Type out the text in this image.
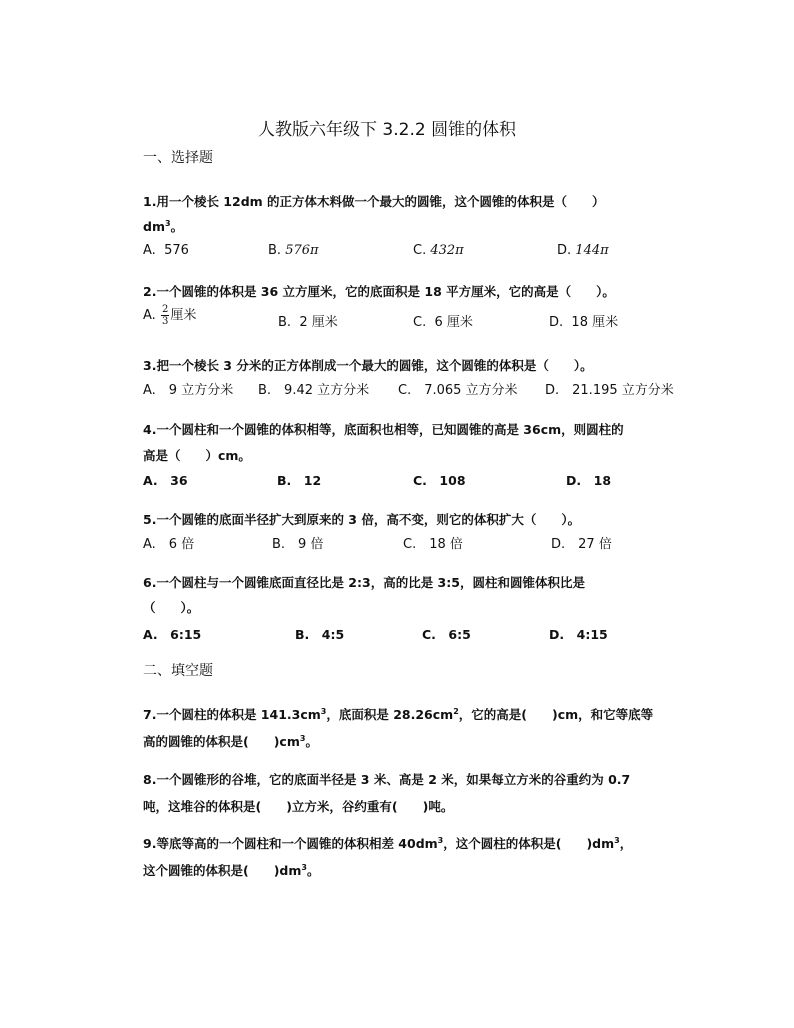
人教版六年级下 3.2.2 圆锥的体积
一、选择题
1.用一个棱长 12dm 的正方体木料做一个最大的圆锥，这个圆锥的体积是（　　）
$dm^3$。
A. 576	B. 576π	C. 432π	D. 144π
2.一个圆锥的体积是 36 立方厘米，它的底面积是 18 平方厘米，它的高是（　　）。
A. $\frac{2}{3}$ 厘米	B. 2 厘米	C. 6 厘米	D. 18 厘米
3.把一个棱长 3 分米的正方体削成一个最大的圆锥，这个圆锥的体积是（　　）。
A.　9 立方分米 B.　9.42 立方分米 C.　7.065 立方分米 D.　21.195 立方分米
4.一个圆柱和一个圆锥的体积相等，底面积也相等，已知圆锥的高是 36cm，则圆柱的
高是（　　）cm。
A.　36	B.　12	C.　108	D.　18
5.一个圆锥的底面半径扩大到原来的 3 倍，高不变，则它的体积扩大（　　）。
A.　6 倍	B.　9 倍	C.　18 倍	D.　27 倍
6.一个圆柱与一个圆锥底面直径比是 2:3，高的比是 3:5，圆柱和圆锥体积比是
（　　）。
A.　6:15	B.　4:5	C.　6:5	D.　4:15
二、填空题
7.一个圆柱的体积是 $141.3cm^3$，底面积是 $28.26cm^2$，它的高是(　　)cm，和它等底等
高的圆锥的体积是(　　)$cm^3$。
8.一个圆锥形的谷堆，它的底面半径是 3 米、高是 2 米，如果每立方米的谷重约为 0.7
吨，这堆谷的体积是(　　)立方米，谷约重有(　　)吨。
9.等底等高的一个圆柱和一个圆锥的体积相差 $40dm^3$，这个圆柱的体积是(　　)$dm^3$，
这个圆锥的体积是(　　)$dm^3$。
